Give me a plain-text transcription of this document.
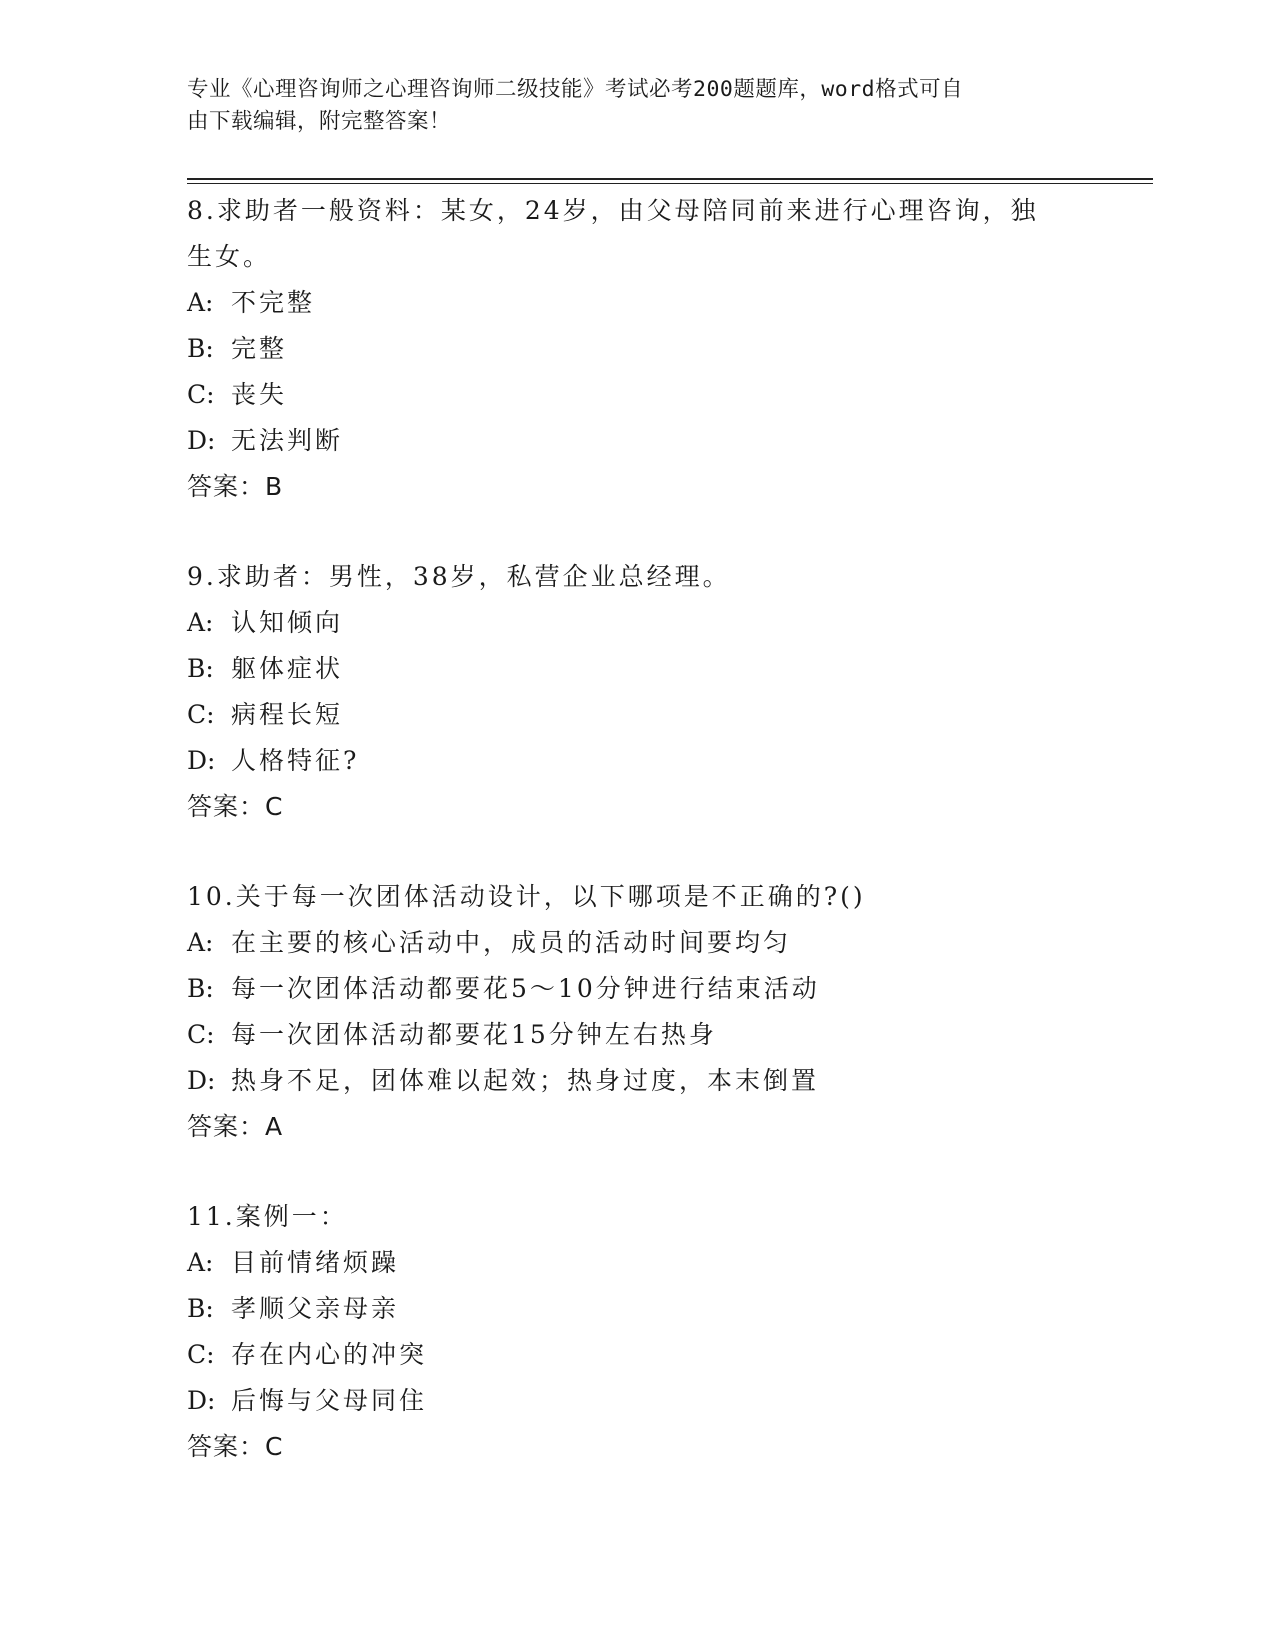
专业《心理咨询师之心理咨询师二级技能》考试必考200题题库，word格式可自
由下载编辑，附完整答案！
8.求助者一般资料：某女，24岁，由父母陪同前来进行心理咨询，独
生女。
A: 不完整
B: 完整
C: 丧失
D: 无法判断
答案：B
9.求助者：男性，38岁，私营企业总经理。
A: 认知倾向
B: 躯体症状
C: 病程长短
D: 人格特征?
答案：C
10.关于每一次团体活动设计，以下哪项是不正确的?()
A: 在主要的核心活动中，成员的活动时间要均匀
B: 每一次团体活动都要花5～10分钟进行结束活动
C: 每一次团体活动都要花15分钟左右热身
D: 热身不足，团体难以起效；热身过度，本末倒置
答案：A
11.案例一：
A: 目前情绪烦躁
B: 孝顺父亲母亲
C: 存在内心的冲突
D: 后悔与父母同住
答案：C
